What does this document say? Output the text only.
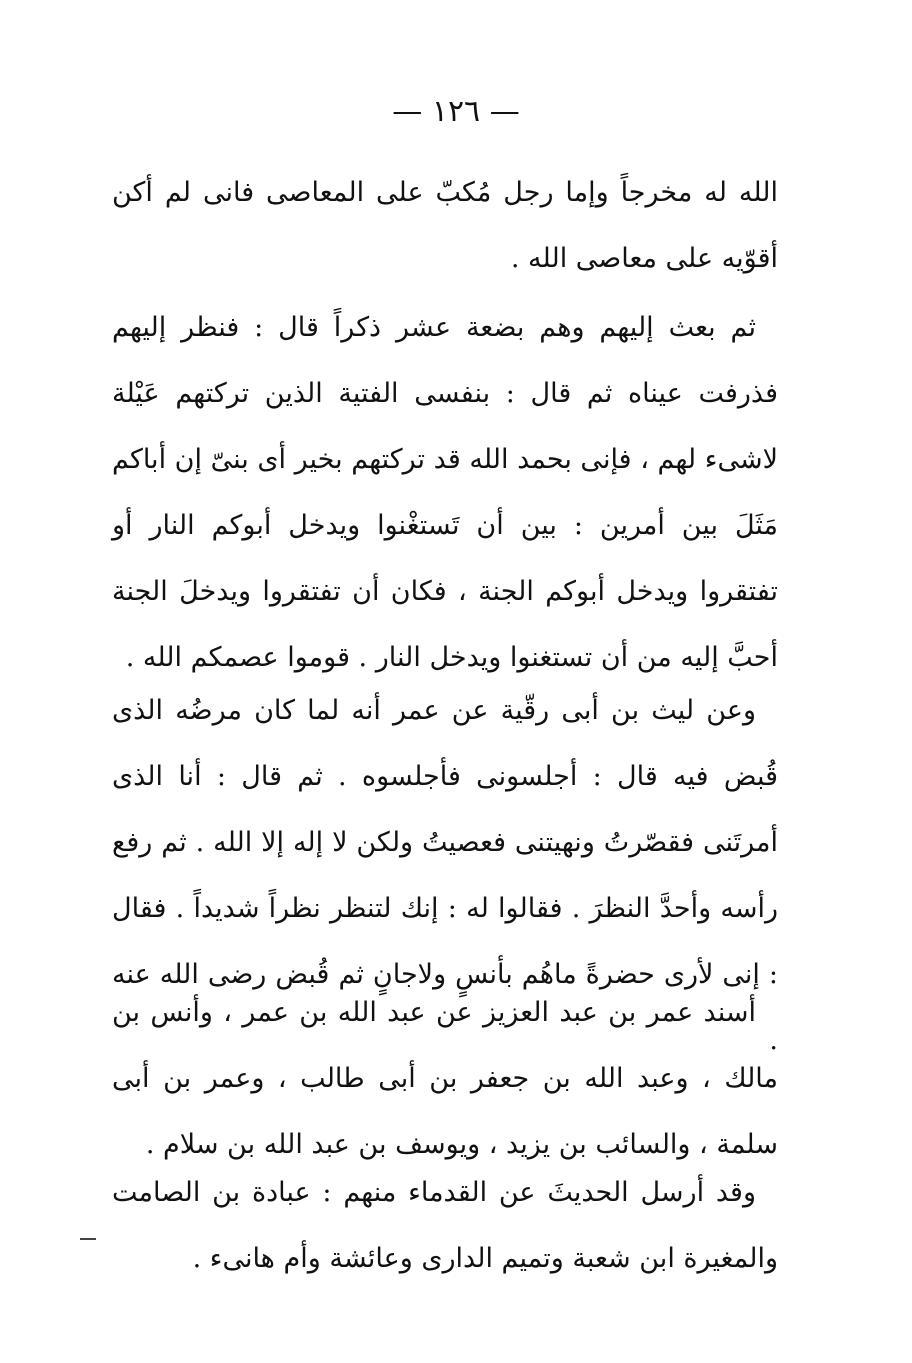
— ١٢٦ —

الله له مخرجاً وإما رجل مُكبّ على المعاصى فانى لم أكن أقوّيه على معاصى الله .

ثم بعث إليهم وهم بضعة عشر ذكراً قال : فنظر إليهم فذرفت عيناه ثم قال : بنفسى الفتية الذين تركتهم عَيْلة لاشىء لهم ، فإنى بحمد الله قد تركتهم بخير أى بنىّ إن أباكم مَثَلَ بين أمرين : بين أن تَستغْنوا ويدخل أبوكم النار أو تفتقروا ويدخل أبوكم الجنة ، فكان أن تفتقروا ويدخلَ الجنة أحبَّ إليه من أن تستغنوا ويدخل النار . قوموا عصمكم الله .

وعن ليث بن أبى رقّية عن عمر أنه لما كان مرضُه الذى قُبض فيه قال : أجلسونى فأجلسوه . ثم قال : أنا الذى أمرتَنى فقصّرتُ ونهيتنى فعصيتُ ولكن لا إله إلا الله . ثم رفع رأسه وأحدَّ النظرَ . فقالوا له : إنك لتنظر نظراً شديداً . فقال : إنى لأرى حضرةً ماهُم بأنسٍ ولاجانٍ ثم قُبض رضى الله عنه .

أسند عمر بن عبد العزيز عن عبد الله بن عمر ، وأنس بن مالك ، وعبد الله بن جعفر بن أبى طالب ، وعمر بن أبى سلمة ، والسائب بن يزيد ، ويوسف بن عبد الله بن سلام .

وقد أرسل الحديثَ عن القدماء منهم : عبادة بن الصامت والمغيرة ابن شعبة وتميم الدارى وعائشة وأم هانىء .
